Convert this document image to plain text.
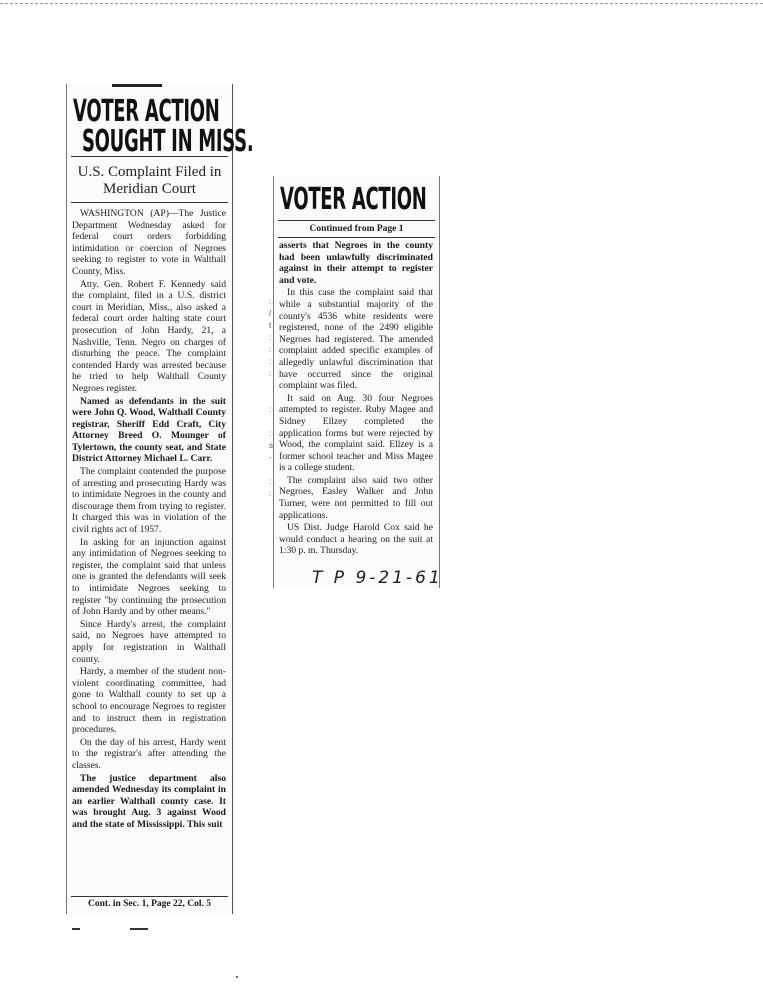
VOTER ACTION
SOUGHT IN MISS.
U.S. Complaint Filed in Meridian Court

WASHINGTON (AP)—The Justice Department Wednesday asked for federal court orders forbidding intimidation or coercion of Negroes seeking to register to vote in Walthall County, Miss.

Atty. Gen. Robert F. Kennedy said the complaint, filed in a U.S. district court in Meridian, Miss., also asked a federal court order halting state court prosecution of John Hardy, 21, a Nashville, Tenn. Negro on charges of disturbing the peace. The complaint contended Hardy was arrested because he tried to help Walthall County Negroes register.

Named as defendants in the suit were John Q. Wood, Walthall County registrar, Sheriff Edd Craft, City Attorney Breed O. Mounger of Tylertown, the county seat, and State District Attorney Michael L. Carr.

The complaint contended the purpose of arresting and prosecuting Hardy was to intimidate Negroes in the county and discourage them from trying to register. It charged this was in violation of the civil rights act of 1957.

In asking for an injunction against any intimidation of Negroes seeking to register, the complaint said that unless one is granted the defendants will seek to intimidate Negroes seeking to register "by continuing the prosecution of John Hardy and by other means."

Since Hardy's arrest, the complaint said, no Negroes have attempted to apply for registration in Walthall county.

Hardy, a member of the student non-violent coordinating committee, had gone to Walthall county to set up a school to encourage Negroes to register and to instruct them in registration procedures.

On the day of his arrest, Hardy went to the registrar's after attending the classes.

The justice department also amended Wednesday its complaint in an earlier Walthall county case. It was brought Aug. 3 against Wood and the state of Mississippi. This suit

Cont. in Sec. 1, Page 22, Col. 5
VOTER ACTION
Continued from Page 1
:
/
t
:
:
:
:

:

:
s
-

:
:

asserts that Negroes in the county had been unlawfully discriminated against in their attempt to register and vote.

In this case the complaint said that while a substantial majority of the county's 4536 white residents were registered, none of the 2490 eligible Negroes had registered. The amended complaint added specific examples of allegedly unlawful discrimination that have occurred since the original complaint was filed.

It said on Aug. 30 four Negroes attempted to register. Ruby Magee and Sidney Ellzey completed the application forms but were rejected by Wood, the complaint said. Ellzey is a former school teacher and Miss Magee is a college student.

The complaint also said two other Negroes, Easley Walker and John Turner, were not permitted to fill out applications.

US Dist. Judge Harold Cox said he would conduct a hearing on the suit at 1:30 p. m. Thursday.

T P 9-21-61
